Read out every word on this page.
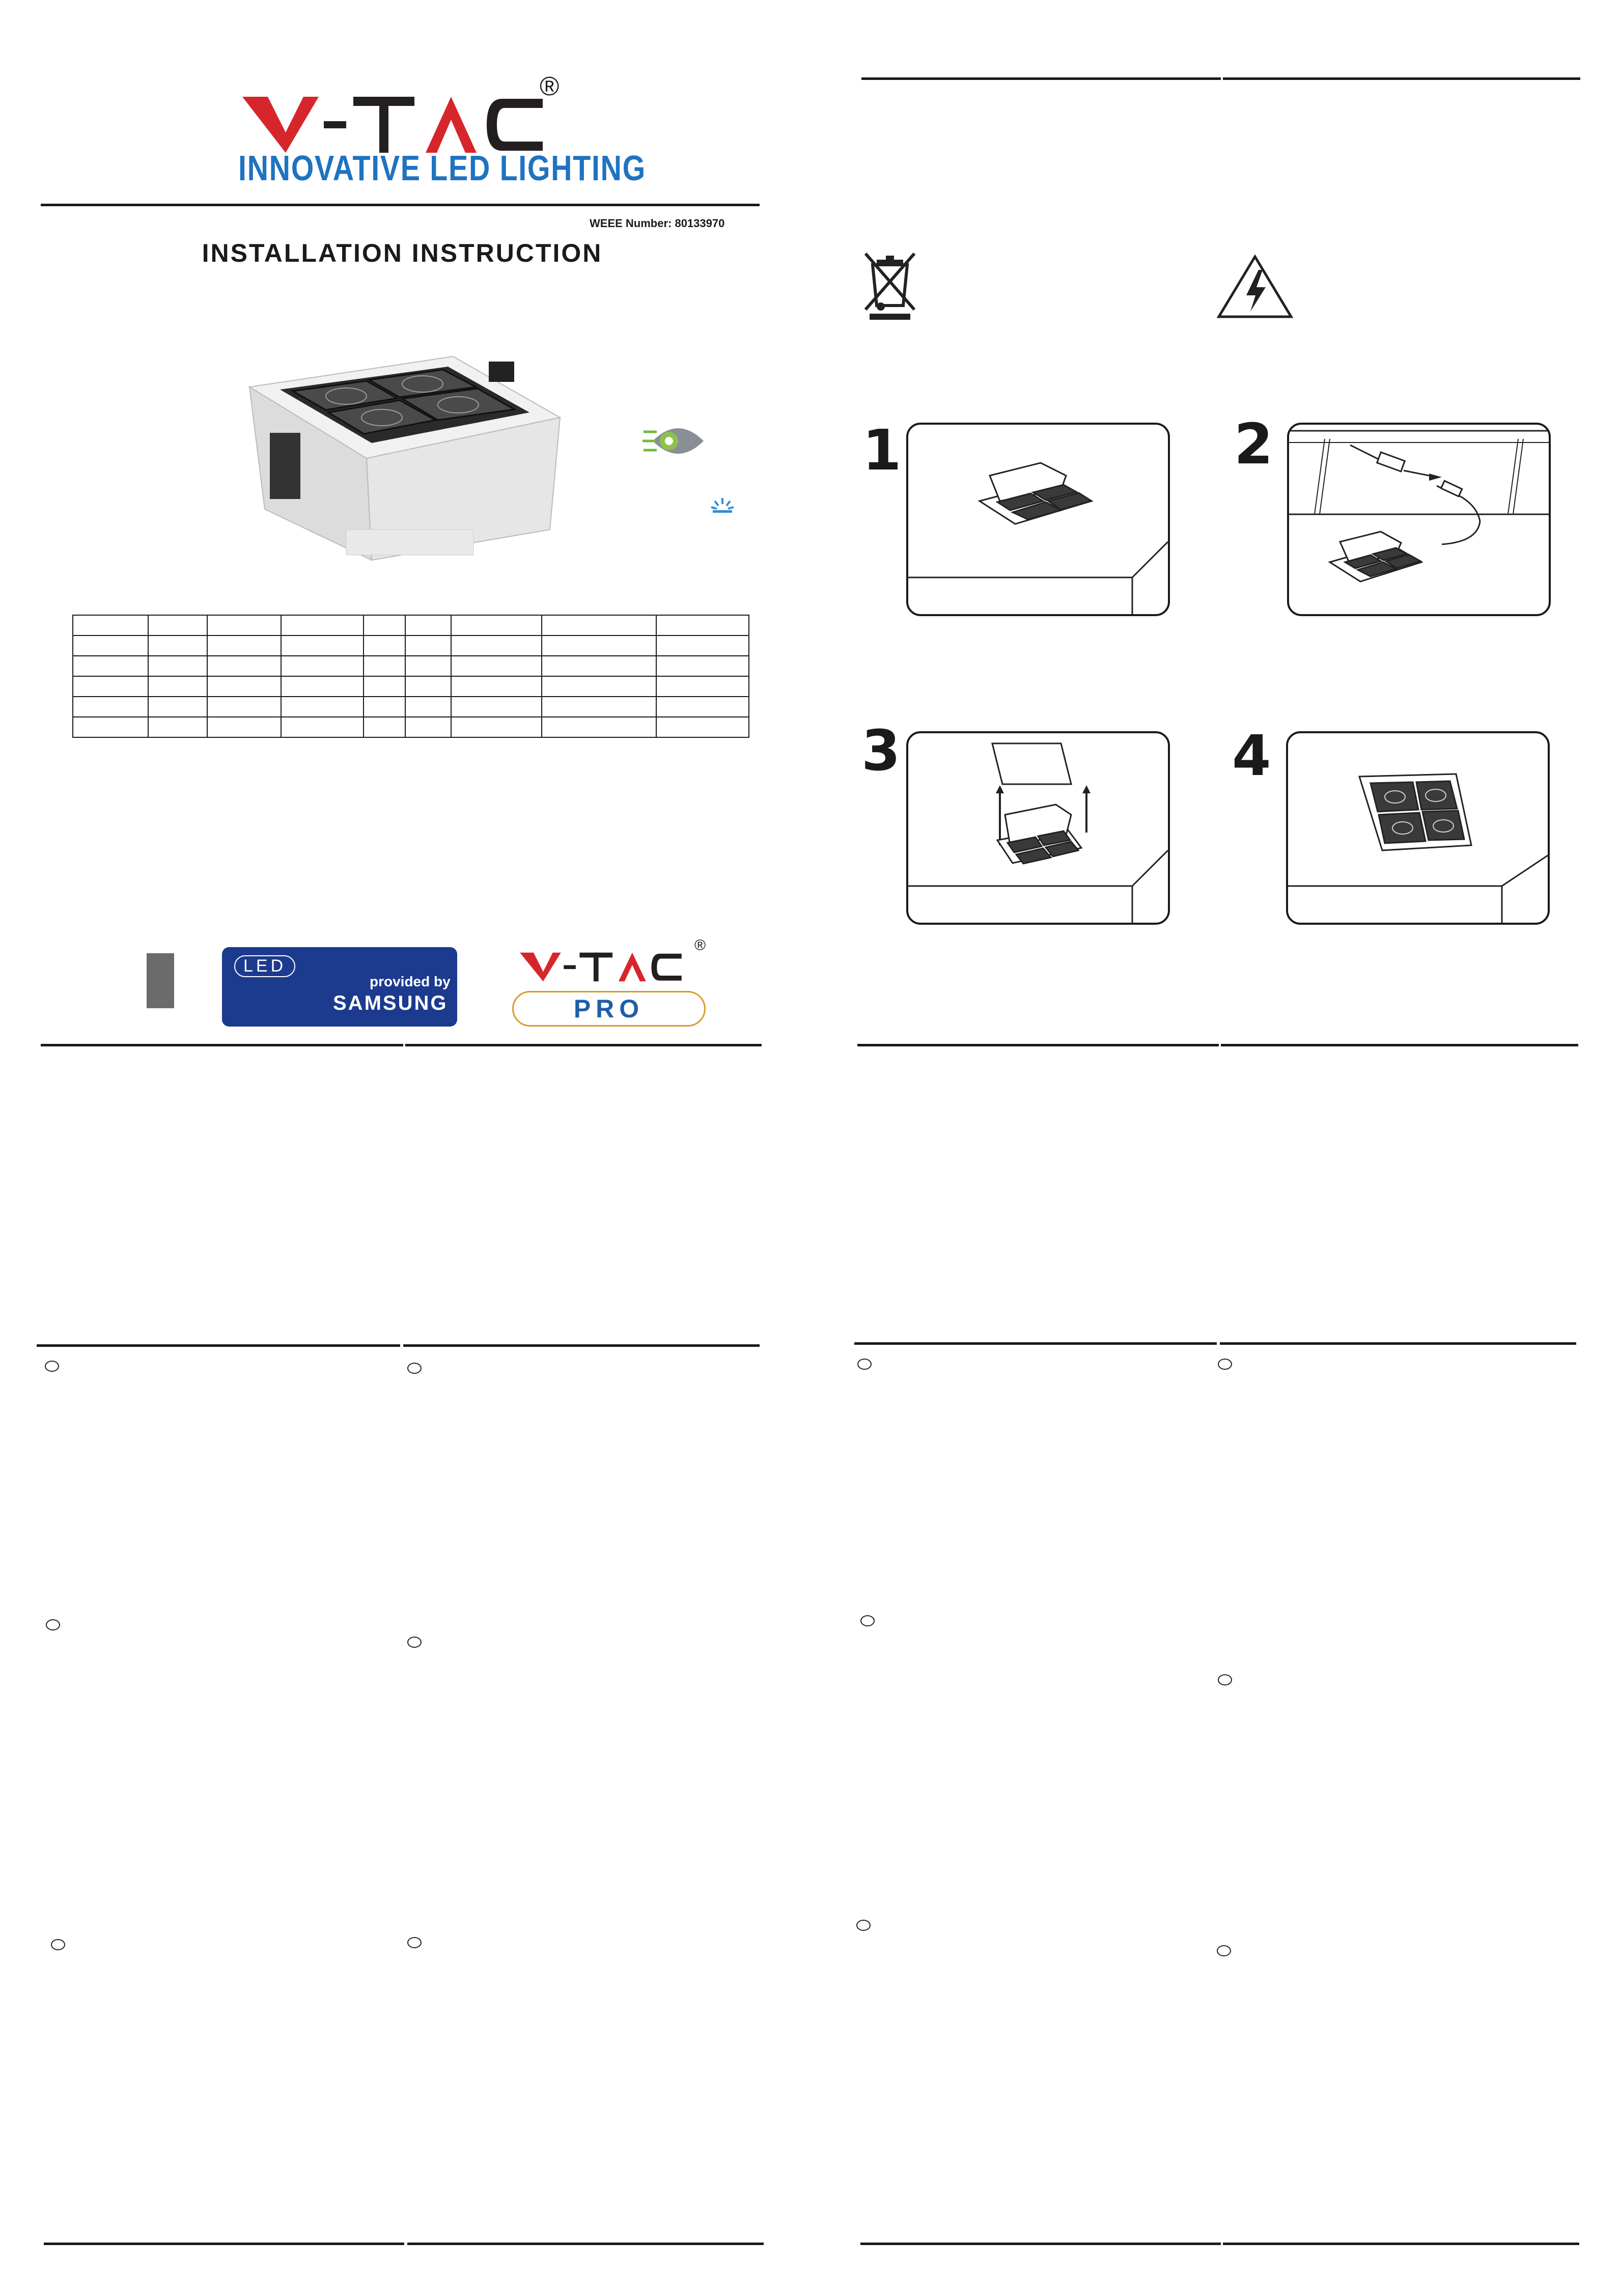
®
INNOVATIVE LED LIGHTING
WEEE Number: 80133970
INSTALLATION INSTRUCTION

LED
provided by
SAMSUNG
®
PRO
1	2
3	4
